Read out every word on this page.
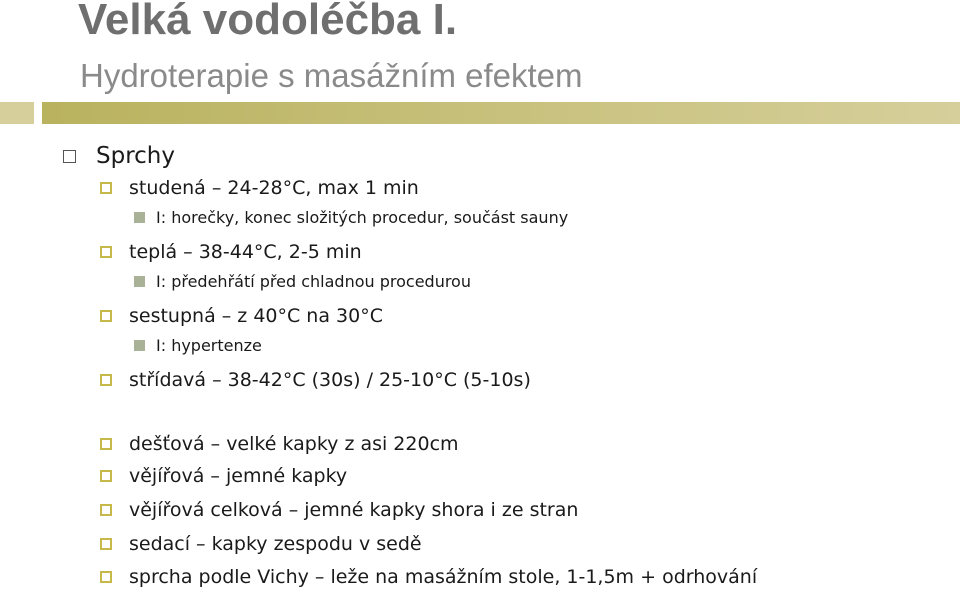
Velká vodoléčba I.
Hydroterapie s masážním efektem
Sprchy
studená – 24-28°C, max 1 min
I: horečky, konec složitých procedur, součást sauny
teplá – 38-44°C, 2-5 min
I: předehřátí před chladnou procedurou
sestupná – z 40°C na 30°C
I: hypertenze
střídavá – 38-42°C (30s) / 25-10°C (5-10s)
dešťová – velké kapky z asi 220cm
vějířová – jemné kapky
vějířová celková – jemné kapky shora i ze stran
sedací – kapky zespodu v sedě
sprcha podle Vichy – leže na masážním stole, 1-1,5m + odrhování
